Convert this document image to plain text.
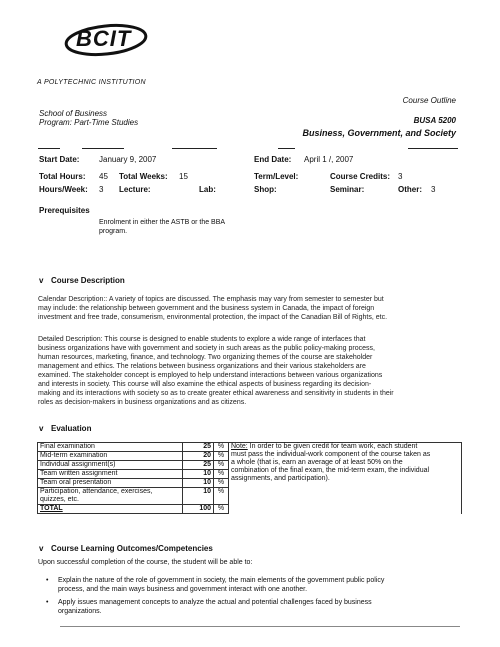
BCIT
A POLYTECHNIC INSTITUTION
Course Outline
School of Business
Program: Part-Time Studies	BUSA 5200
Business, Government, and Society
Start Date: January 9, 2007	End Date: April 1 /, 2007
Total Hours: 45 Total Weeks: 15	Term/Level:	Course Credits: 3
Hours/Week: 3 Lecture:	Lab:	Shop:	Seminar:	Other: 3
Prerequisites
Enrolment in either the ASTB or the BBA
program.
v Course Description
Calendar Description:: A variety of topics are discussed. The emphasis may vary from semester to semester but
may include: the relationship between government and the business system in Canada, the impact of foreign
investment and free trade, consumerism, environmental protection, the impact of the Canadian Bill of Rights, etc.
Detailed Description: This course is designed to enable students to explore a wide range of interfaces that
business organizations have with government and society in such areas as the public policy-making process,
human resources, marketing, finance, and technology. Two organizing themes of the course are stakeholder
management and ethics. The relations between business organizations and their various stakeholders are
examined. The stakeholder concept is employed to help understand interactions between various organizations
and interests in society. This course will also examine the ethical aspects of business regarding its decision-
making and its interactions with society so as to create greater ethical awareness and sensitivity in students in their
roles as decision-makers in business organizations and as citizens.
v Evaluation
Final examination	25	%	Note: In order to be given credit for team work, each student
must pass the individual-work component of the course taken as
a whole (that is, earn an average of at least 50% on the
combination of the final exam, the mid-term exam, the individual
assignments, and participation).
Mid-term examination	20	%	
Individual assignment(s)	25	%	
Team written assignment	10	%	
Team oral presentation	10	%	
Participation, attendance, exercises, quizzes, etc.	10	%	
TOTAL	100	%	
v Course Learning Outcomes/Competencies
Upon successful completion of the course, the student will be able to:
• Explain the nature of the role of government in society, the main elements of the government public policy
process, and the main ways business and government interact with one another.
• Apply issues management concepts to analyze the actual and potential challenges faced by business
organizations.
